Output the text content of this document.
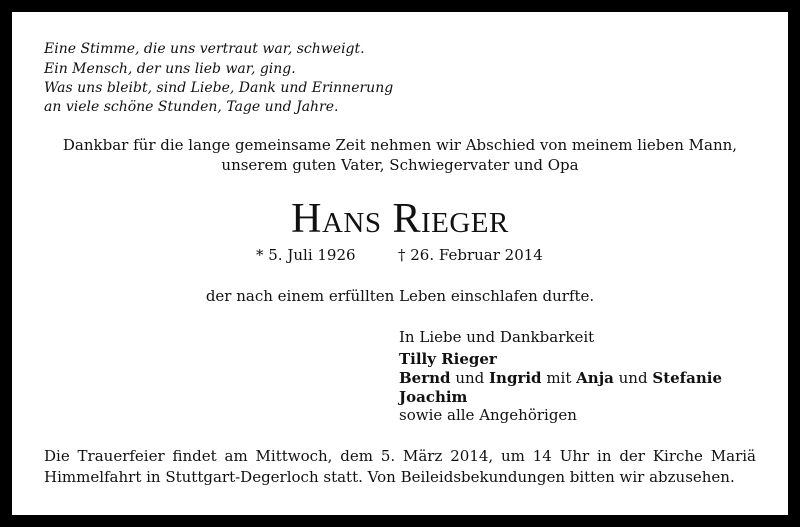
Eine Stimme, die uns vertraut war, schweigt.
Ein Mensch, der uns lieb war, ging.
Was uns bleibt, sind Liebe, Dank und Erinnerung
an viele schöne Stunden, Tage und Jahre.
Dankbar für die lange gemeinsame Zeit nehmen wir Abschied von meinem lieben Mann,
unserem guten Vater, Schwiegervater und Opa
Hans Rieger
* 5. Juli 1926	† 26. Februar 2014
der nach einem erfüllten Leben einschlafen durfte.
In Liebe und Dankbarkeit
Tilly Rieger
Bernd und Ingrid mit Anja und Stefanie
Joachim
sowie alle Angehörigen
Die Trauerfeier findet am Mittwoch, dem 5. März 2014, um 14 Uhr in der Kirche Mariä
Himmelfahrt in Stuttgart-Degerloch statt. Von Beileidsbekundungen bitten wir abzusehen.
